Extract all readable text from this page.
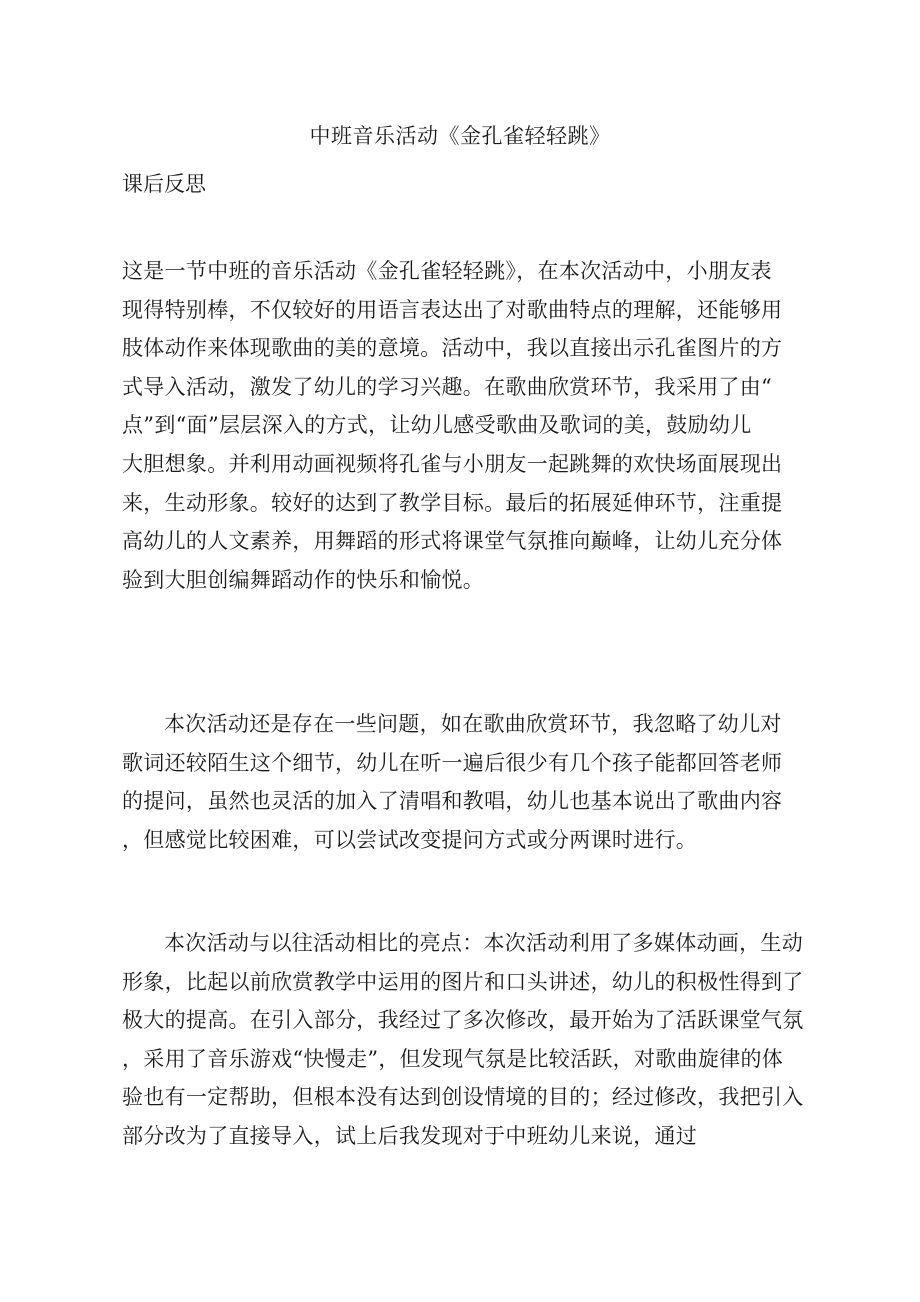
中班音乐活动《金孔雀轻轻跳》
课后反思
这是一节中班的音乐活动《金孔雀轻轻跳》，在本次活动中，小朋友表
现得特别棒，不仅较好的用语言表达出了对歌曲特点的理解，还能够用
肢体动作来体现歌曲的美的意境。活动中，我以直接出示孔雀图片的方
式导入活动，激发了幼儿的学习兴趣。在歌曲欣赏环节，我采用了由“
点”到“面”层层深入的方式，让幼儿感受歌曲及歌词的美，鼓励幼儿
大胆想象。并利用动画视频将孔雀与小朋友一起跳舞的欢快场面展现出
来，生动形象。较好的达到了教学目标。最后的拓展延伸环节，注重提
高幼儿的人文素养，用舞蹈的形式将课堂气氛推向巅峰，让幼儿充分体
验到大胆创编舞蹈动作的快乐和愉悦。
本次活动还是存在一些问题，如在歌曲欣赏环节，我忽略了幼儿对
歌词还较陌生这个细节，幼儿在听一遍后很少有几个孩子能都回答老师
的提问，虽然也灵活的加入了清唱和教唱，幼儿也基本说出了歌曲内容
，但感觉比较困难，可以尝试改变提问方式或分两课时进行。
本次活动与以往活动相比的亮点：本次活动利用了多媒体动画，生动
形象，比起以前欣赏教学中运用的图片和口头讲述，幼儿的积极性得到了
极大的提高。在引入部分，我经过了多次修改，最开始为了活跃课堂气氛
，采用了音乐游戏“快慢走”，但发现气氛是比较活跃，对歌曲旋律的体
验也有一定帮助，但根本没有达到创设情境的目的；经过修改，我把引入
部分改为了直接导入，试上后我发现对于中班幼儿来说，通过
